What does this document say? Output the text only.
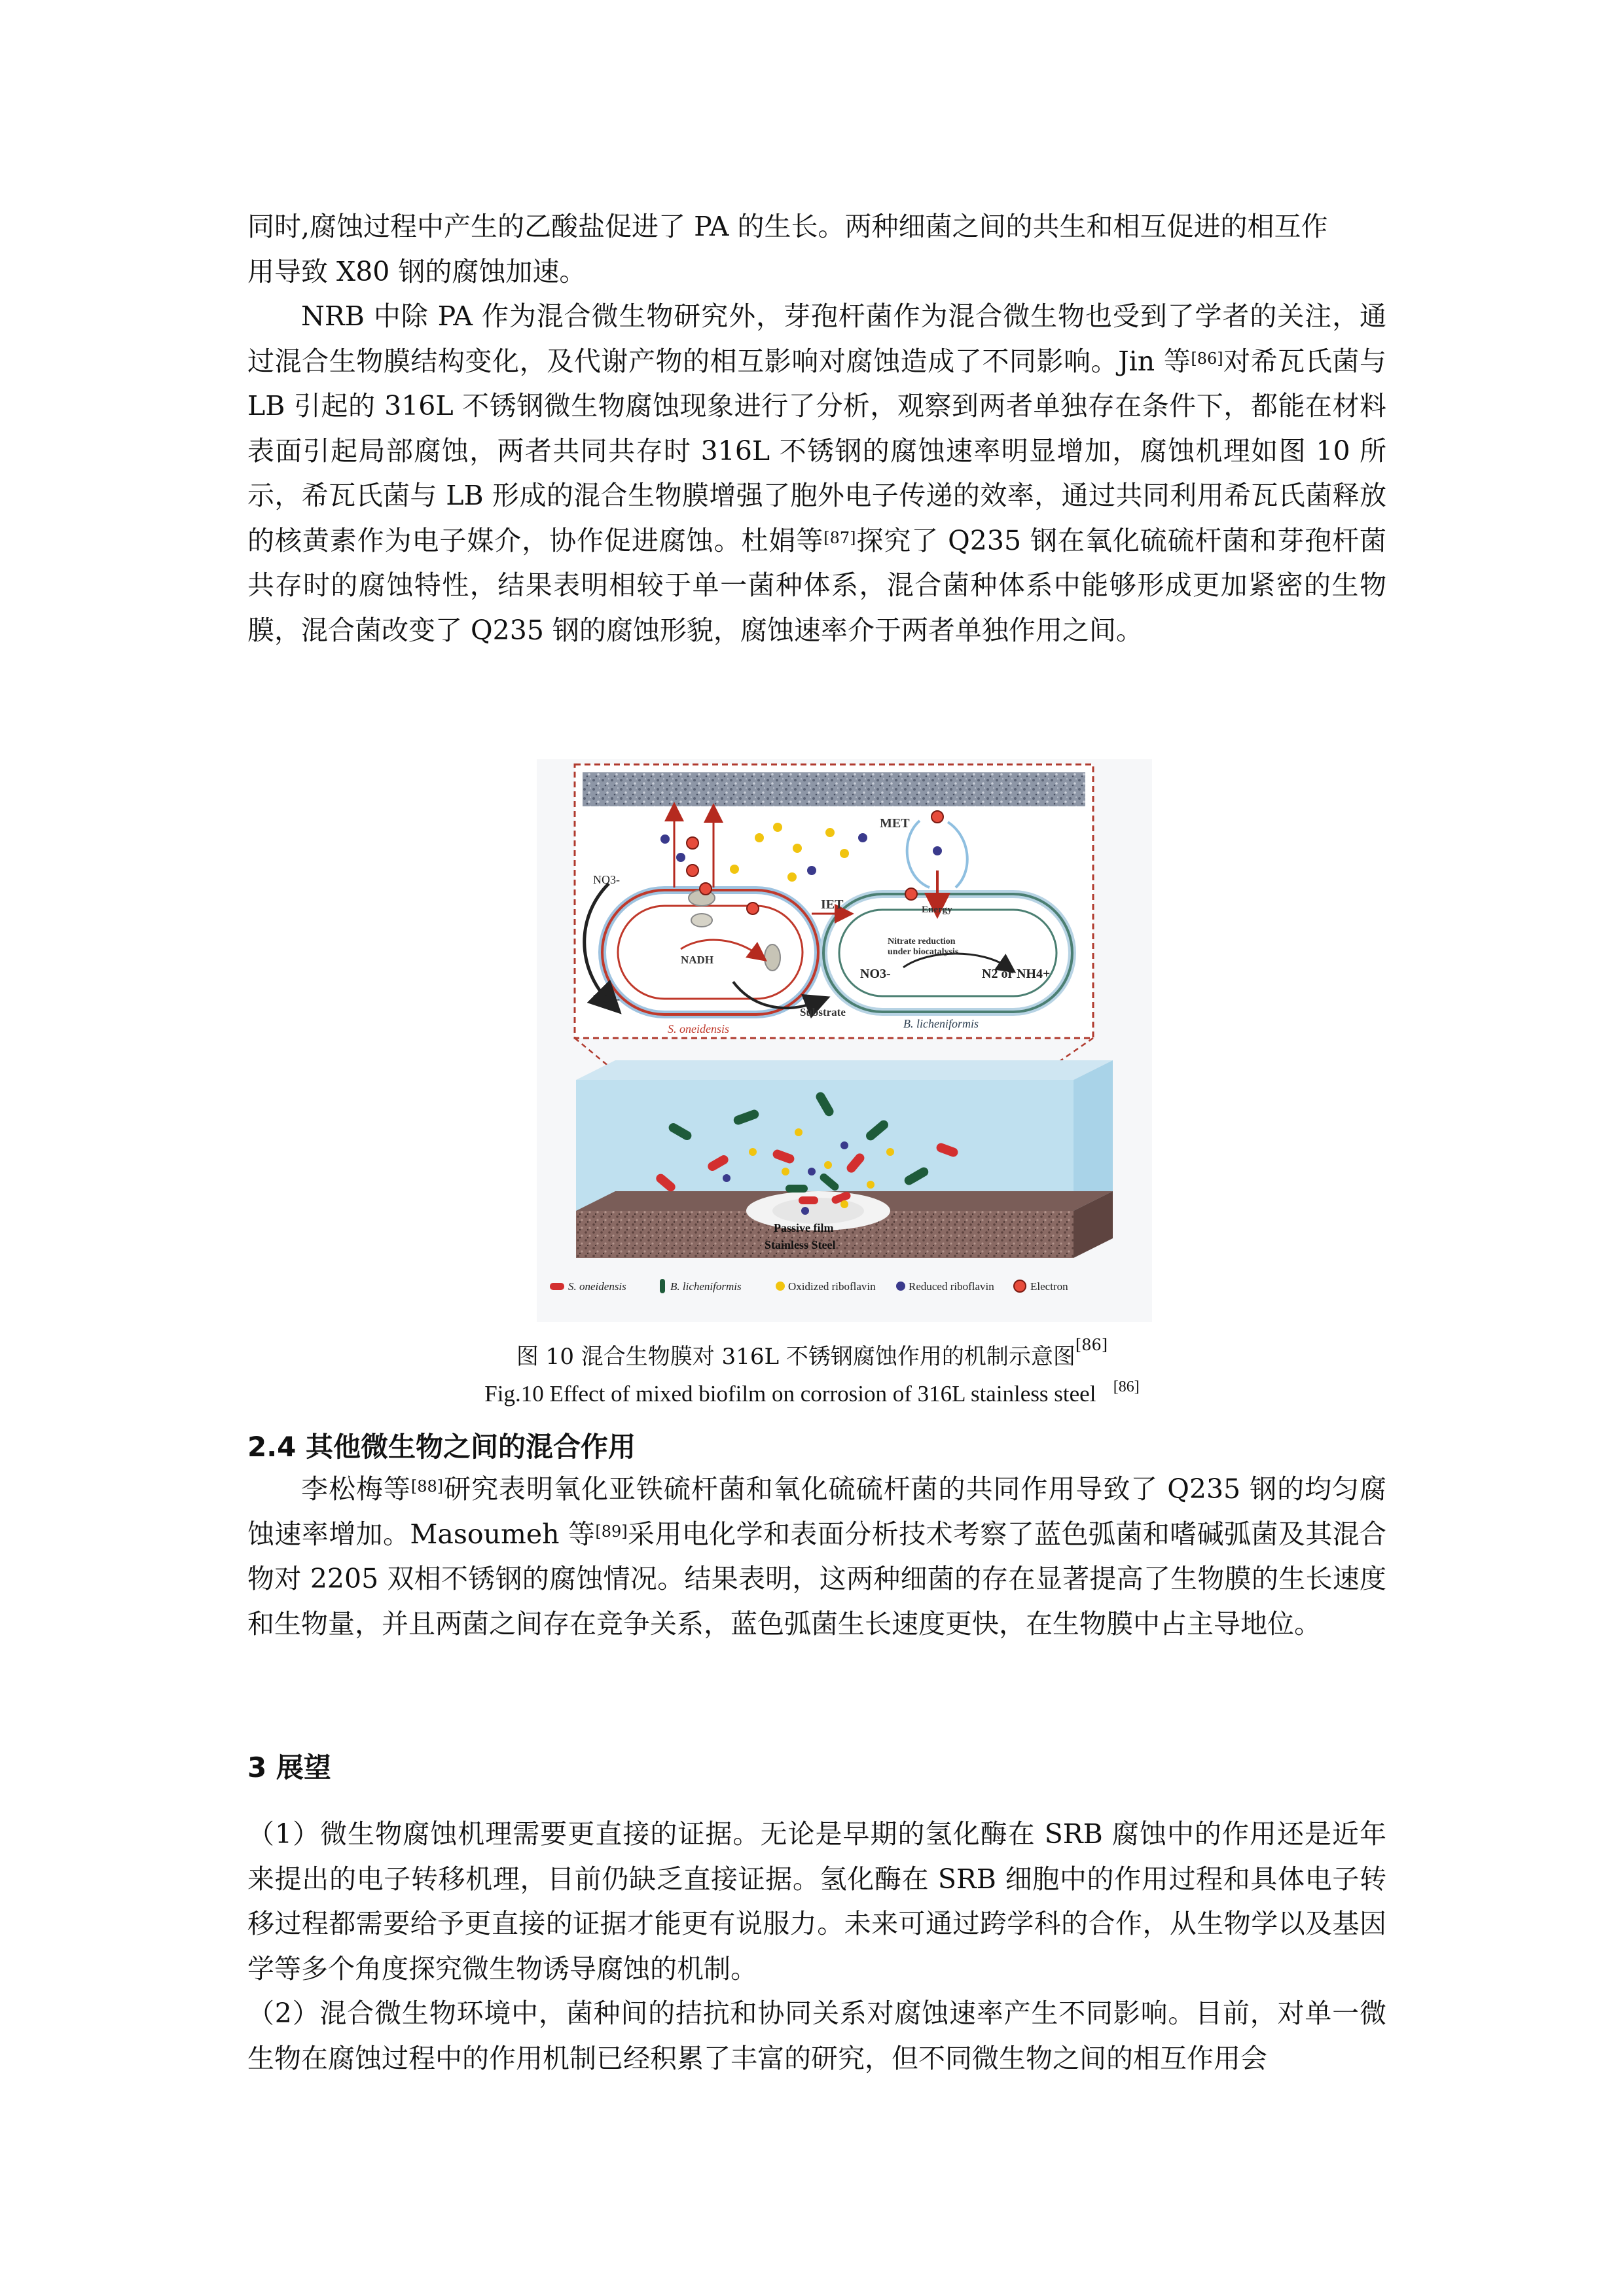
同时,腐蚀过程中产生的乙酸盐促进了 PA 的生长。两种细菌之间的共生和相互促进的相互作
用导致 X80 钢的腐蚀加速。

NRB 中除 PA 作为混合微生物研究外，芽孢杆菌作为混合微生物也受到了学者的关注，通过混合生物膜结构变化，及代谢产物的相互影响对腐蚀造成了不同影响。Jin 等[86]对希瓦氏菌与 LB 引起的 316L 不锈钢微生物腐蚀现象进行了分析，观察到两者单独存在条件下，都能在材料表面引起局部腐蚀，两者共同共存时 316L 不锈钢的腐蚀速率明显增加，腐蚀机理如图 10 所示，希瓦氏菌与 LB 形成的混合生物膜增强了胞外电子传递的效率，通过共同利用希瓦氏菌释放的核黄素作为电子媒介，协作促进腐蚀。杜娟等[87]探究了 Q235 钢在氧化硫硫杆菌和芽孢杆菌共存时的腐蚀特性，结果表明相较于单一菌种体系，混合菌种体系中能够形成更加紧密的生物膜，混合菌改变了 Q235 钢的腐蚀形貌，腐蚀速率介于两者单独作用之间。

MET
IET
NO3-
NO2-
NADH
Substrate
Energy
Nitrate reduction
under biocatalysis
NO3-	N2 or NH4+
S. oneidensis	B. licheniformis
Passive film
Stainless Steel
S. oneidensis	B. licheniformis	Oxidized riboflavin	Reduced riboflavin	Electron

图 10 混合生物膜对 316L 不锈钢腐蚀作用的机制示意图[86]

Fig.10 Effect of mixed biofilm on corrosion of 316L stainless steel [86]

2.4 其他微生物之间的混合作用

李松梅等[88]研究表明氧化亚铁硫杆菌和氧化硫硫杆菌的共同作用导致了 Q235 钢的均匀腐蚀速率增加。Masoumeh 等[89]采用电化学和表面分析技术考察了蓝色弧菌和嗜碱弧菌及其混合物对 2205 双相不锈钢的腐蚀情况。结果表明，这两种细菌的存在显著提高了生物膜的生长速度和生物量，并且两菌之间存在竞争关系，蓝色弧菌生长速度更快，在生物膜中占主导地位。

3 展望

（1）微生物腐蚀机理需要更直接的证据。无论是早期的氢化酶在 SRB 腐蚀中的作用还是近年来提出的电子转移机理，目前仍缺乏直接证据。氢化酶在 SRB 细胞中的作用过程和具体电子转移过程都需要给予更直接的证据才能更有说服力。未来可通过跨学科的合作，从生物学以及基因学等多个角度探究微生物诱导腐蚀的机制。

（2）混合微生物环境中，菌种间的拮抗和协同关系对腐蚀速率产生不同影响。目前，对单一微生物在腐蚀过程中的作用机制已经积累了丰富的研究，但不同微生物之间的相互作用会
